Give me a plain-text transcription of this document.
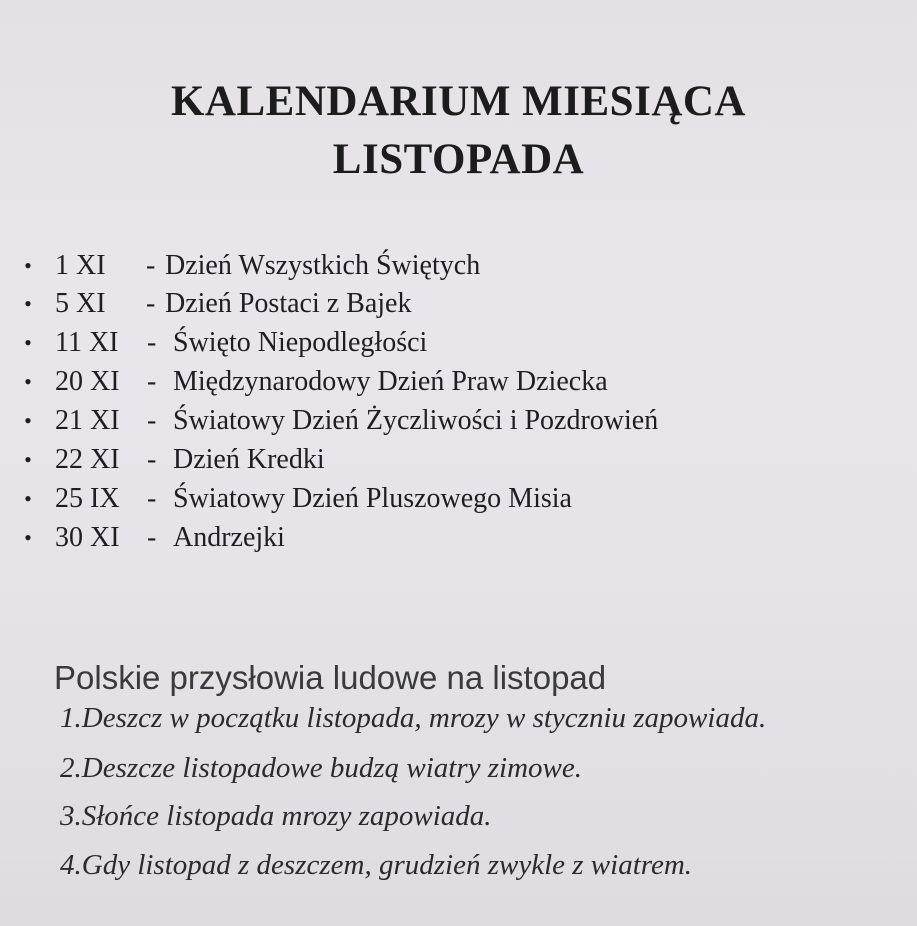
KALENDARIUM MIESIĄCA
LISTOPADA
• 1 XI - Dzień Wszystkich Świętych
• 5 XI - Dzień Postaci z Bajek
• 11 XI - Święto Niepodległości
• 20 XI - Międzynarodowy Dzień Praw Dziecka
• 21 XI - Światowy Dzień Życzliwości i Pozdrowień
• 22 XI - Dzień Kredki
• 25 IX - Światowy Dzień Pluszowego Misia
• 30 XI - Andrzejki
Polskie przysłowia ludowe na listopad
1.Deszcz w początku listopada, mrozy w styczniu zapowiada.
2.Deszcze listopadowe budzą wiatry zimowe.
3.Słońce listopada mrozy zapowiada.
4.Gdy listopad z deszczem, grudzień zwykle z wiatrem.
